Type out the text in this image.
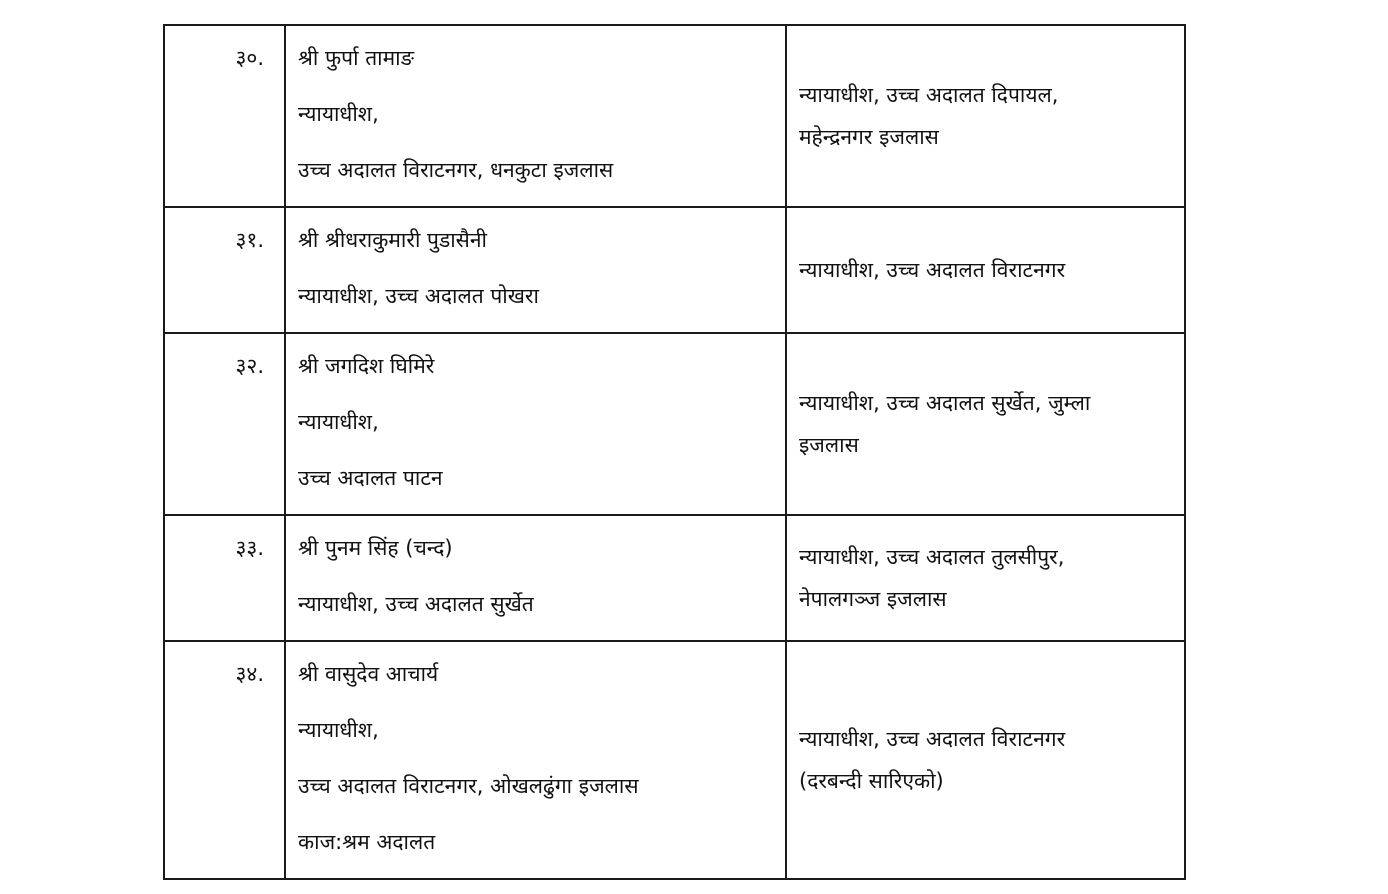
३०.	श्री फुर्पा तामाङ
न्यायाधीश,
उच्च अदालत विराटनगर, धनकुटा इजलास	न्यायाधीश, उच्च अदालत दिपायल,
महेन्द्रनगर इजलास

३१.	श्री श्रीधराकुमारी पुडासैनी
न्यायाधीश, उच्च अदालत पोखरा	न्यायाधीश, उच्च अदालत विराटनगर

३२.	श्री जगदिश घिमिरे
न्यायाधीश,
उच्च अदालत पाटन	न्यायाधीश, उच्च अदालत सुर्खेत, जुम्ला
इजलास

३३.	श्री पुनम सिंह (चन्द)
न्यायाधीश, उच्च अदालत सुर्खेत	न्यायाधीश, उच्च अदालत तुलसीपुर,
नेपालगञ्ज इजलास

३४.	श्री वासुदेव आचार्य
न्यायाधीश,
उच्च अदालत विराटनगर, ओखलढुंगा इजलास
काज:श्रम अदालत	न्यायाधीश, उच्च अदालत विराटनगर
(दरबन्दी सारिएको)
